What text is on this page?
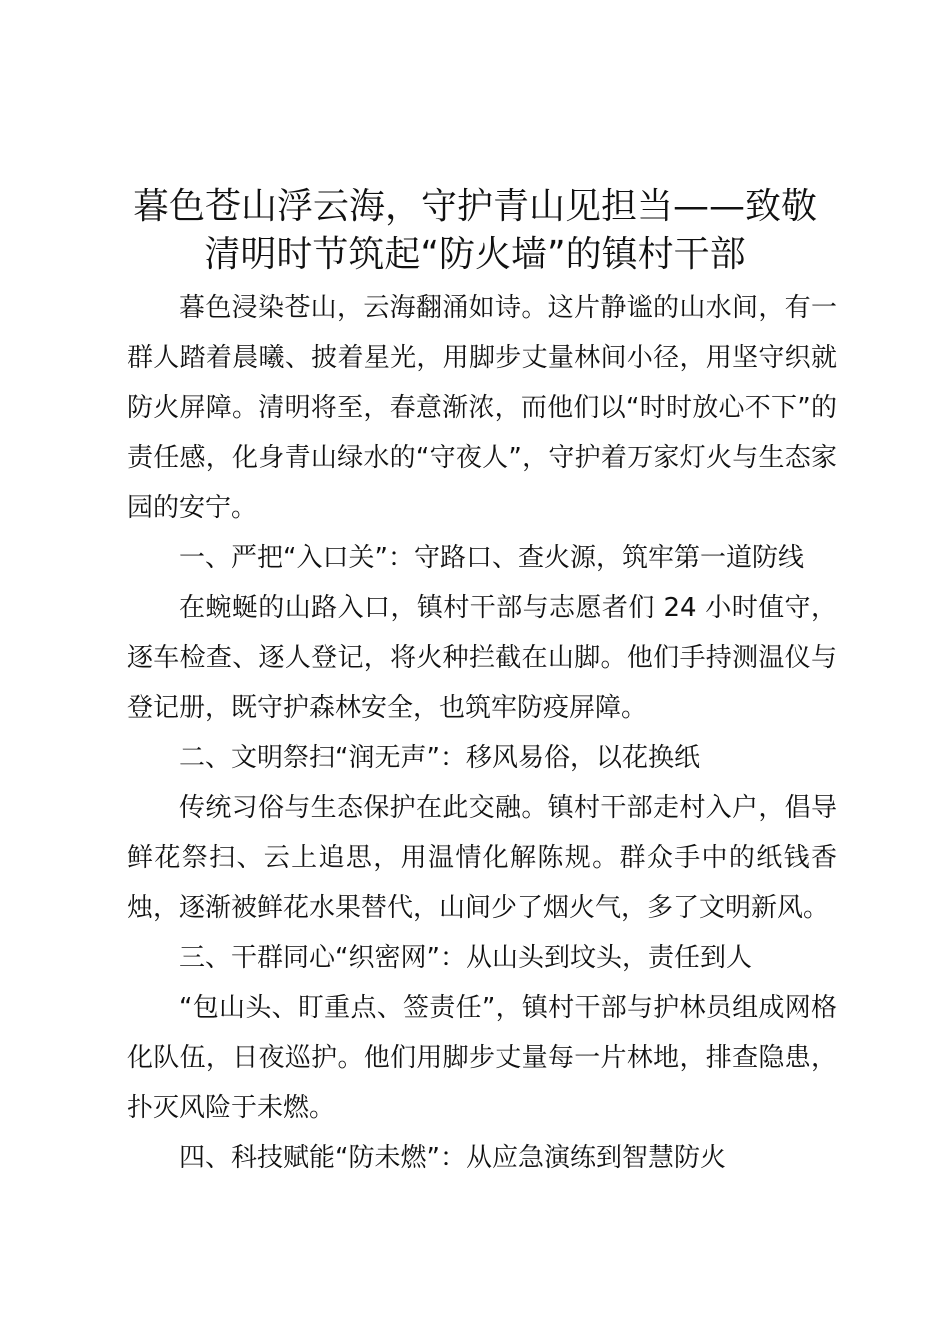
暮色苍山浮云海，守护青山见担当——致敬
清明时节筑起“防火墙”的镇村干部

暮色浸染苍山，云海翻涌如诗。这片静谧的山水间，有一群人踏着晨曦、披着星光，用脚步丈量林间小径，用坚守织就防火屏障。清明将至，春意渐浓，而他们以“时时放心不下”的责任感，化身青山绿水的“守夜人”，守护着万家灯火与生态家园的安宁。

一、严把“入口关”：守路口、查火源，筑牢第一道防线

在蜿蜒的山路入口，镇村干部与志愿者们 24 小时值守，逐车检查、逐人登记，将火种拦截在山脚。他们手持测温仪与登记册，既守护森林安全，也筑牢防疫屏障。

二、文明祭扫“润无声”：移风易俗，以花换纸

传统习俗与生态保护在此交融。镇村干部走村入户，倡导鲜花祭扫、云上追思，用温情化解陈规。群众手中的纸钱香烛，逐渐被鲜花水果替代，山间少了烟火气，多了文明新风。

三、干群同心“织密网”：从山头到坟头，责任到人

“包山头、盯重点、签责任”，镇村干部与护林员组成网格化队伍，日夜巡护。他们用脚步丈量每一片林地，排查隐患，扑灭风险于未燃。

四、科技赋能“防未燃”：从应急演练到智慧防火
